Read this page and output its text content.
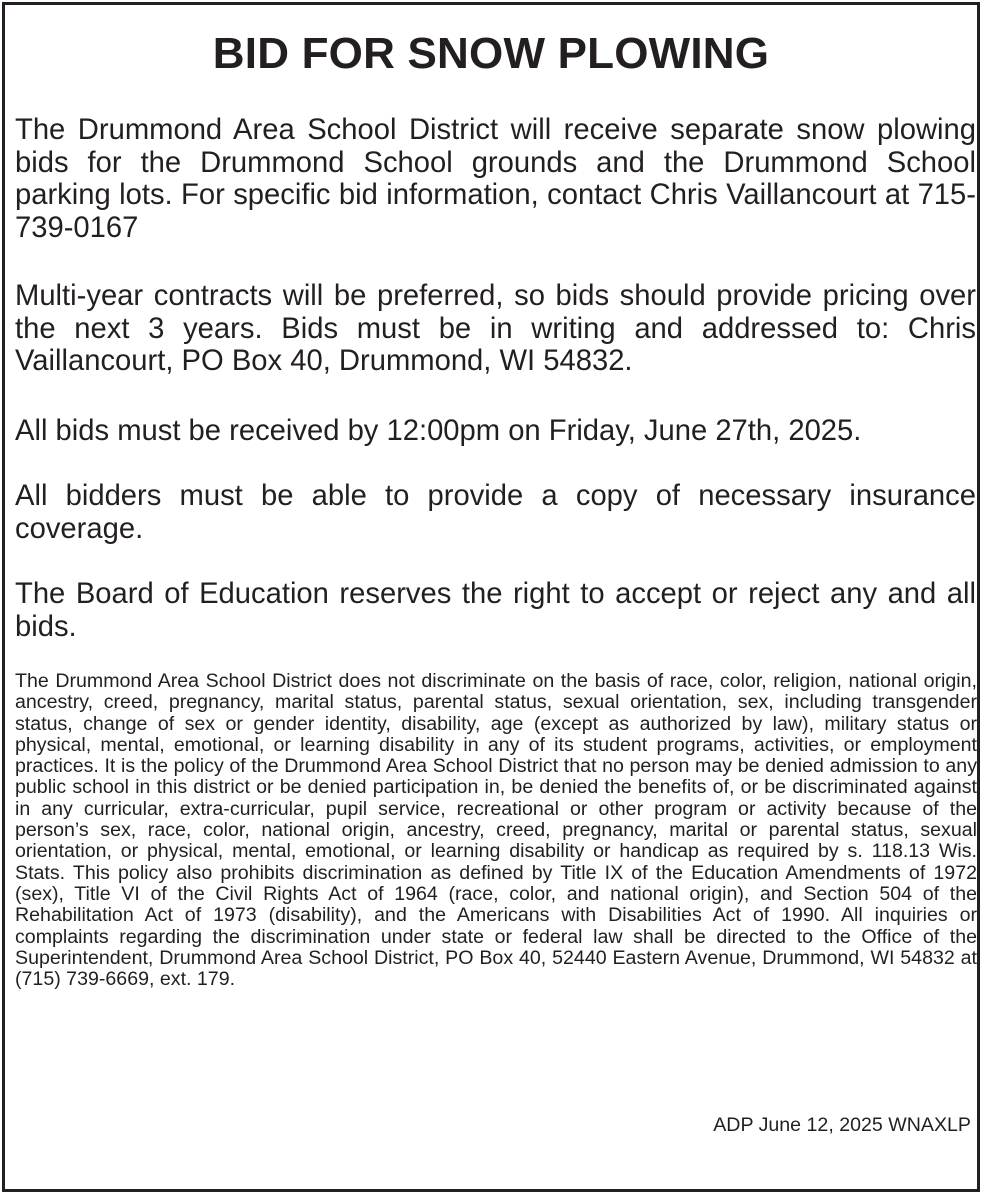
BID FOR SNOW PLOWING

The Drummond Area School District will receive separate snow plowing bids for the Drummond School grounds and the Drummond School parking lots. For specific bid information, contact Chris Vaillancourt at 715-739-0167

Multi-year contracts will be preferred, so bids should provide pricing over the next 3 years. Bids must be in writing and addressed to: Chris Vaillancourt, PO Box 40, Drummond, WI 54832.

All bids must be received by 12:00pm on Friday, June 27th, 2025.

All bidders must be able to provide a copy of necessary insurance coverage.

The Board of Education reserves the right to accept or reject any and all bids.

The Drummond Area School District does not discriminate on the basis of race, color, religion, national origin, ancestry, creed, pregnancy, marital status, parental status, sexual orientation, sex, including transgender status, change of sex or gender identity, disability, age (except as authorized by law), military status or physical, mental, emotional, or learning disability in any of its student programs, activities, or employment practices. It is the policy of the Drummond Area School District that no person may be denied admission to any public school in this district or be denied participation in, be denied the benefits of, or be discriminated against in any curricular, extra-curricular, pupil service, recreational or other program or activity because of the person’s sex, race, color, national origin, ancestry, creed, pregnancy, marital or parental status, sexual orientation, or physical, mental, emotional, or learning disability or handicap as required by s. 118.13 Wis. Stats. This policy also prohibits discrimination as defined by Title IX of the Education Amendments of 1972 (sex), Title VI of the Civil Rights Act of 1964 (race, color, and national origin), and Section 504 of the Rehabilitation Act of 1973 (disability), and the Americans with Disabilities Act of 1990. All inquiries or complaints regarding the discrimination under state or federal law shall be directed to the Office of the Superintendent, Drummond Area School District, PO Box 40, 52440 Eastern Avenue, Drummond, WI 54832 at (715) 739-6669, ext. 179.

ADP June 12, 2025 WNAXLP
